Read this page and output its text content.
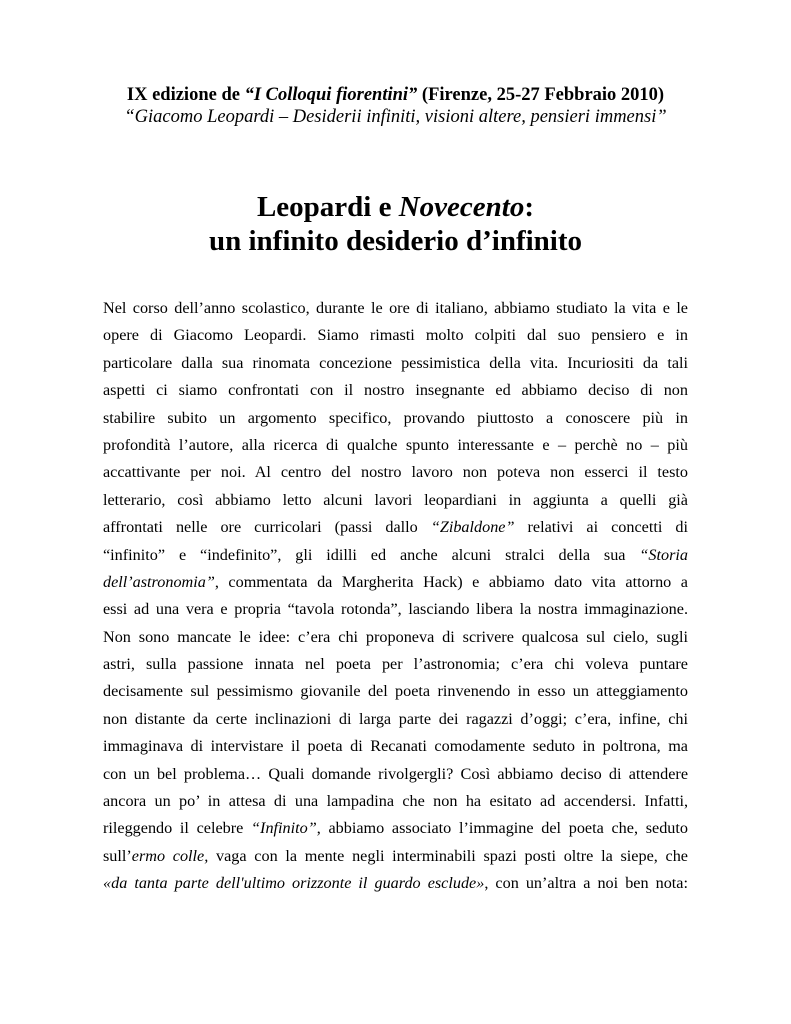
IX edizione de “I Colloqui fiorentini” (Firenze, 25-27 Febbraio 2010)
“Giacomo Leopardi – Desiderii infiniti, visioni altere, pensieri immensi”
Leopardi e Novecento:
un infinito desiderio d’infinito
Nel corso dell’anno scolastico, durante le ore di italiano, abbiamo studiato la vita e le
opere di Giacomo Leopardi. Siamo rimasti molto colpiti dal suo pensiero e in
particolare dalla sua rinomata concezione pessimistica della vita. Incuriositi da tali
aspetti ci siamo confrontati con il nostro insegnante ed abbiamo deciso di non
stabilire subito un argomento specifico, provando piuttosto a conoscere più in
profondità l’autore, alla ricerca di qualche spunto interessante e – perchè no – più
accattivante per noi. Al centro del nostro lavoro non poteva non esserci il testo
letterario, così abbiamo letto alcuni lavori leopardiani in aggiunta a quelli già
affrontati nelle ore curricolari (passi dallo “Zibaldone” relativi ai concetti di
“infinito” e “indefinito”, gli idilli ed anche alcuni stralci della sua “Storia
dell’astronomia”, commentata da Margherita Hack) e abbiamo dato vita attorno a
essi ad una vera e propria “tavola rotonda”, lasciando libera la nostra immaginazione.
Non sono mancate le idee: c’era chi proponeva di scrivere qualcosa sul cielo, sugli
astri, sulla passione innata nel poeta per l’astronomia; c’era chi voleva puntare
decisamente sul pessimismo giovanile del poeta rinvenendo in esso un atteggiamento
non distante da certe inclinazioni di larga parte dei ragazzi d’oggi; c’era, infine, chi
immaginava di intervistare il poeta di Recanati comodamente seduto in poltrona, ma
con un bel problema… Quali domande rivolgergli? Così abbiamo deciso di attendere
ancora un po’ in attesa di una lampadina che non ha esitato ad accendersi. Infatti,
rileggendo il celebre “Infinito”, abbiamo associato l’immagine del poeta che, seduto
sull’ermo colle, vaga con la mente negli interminabili spazi posti oltre la siepe, che
«da tanta parte dell'ultimo orizzonte il guardo esclude», con un’altra a noi ben nota:
